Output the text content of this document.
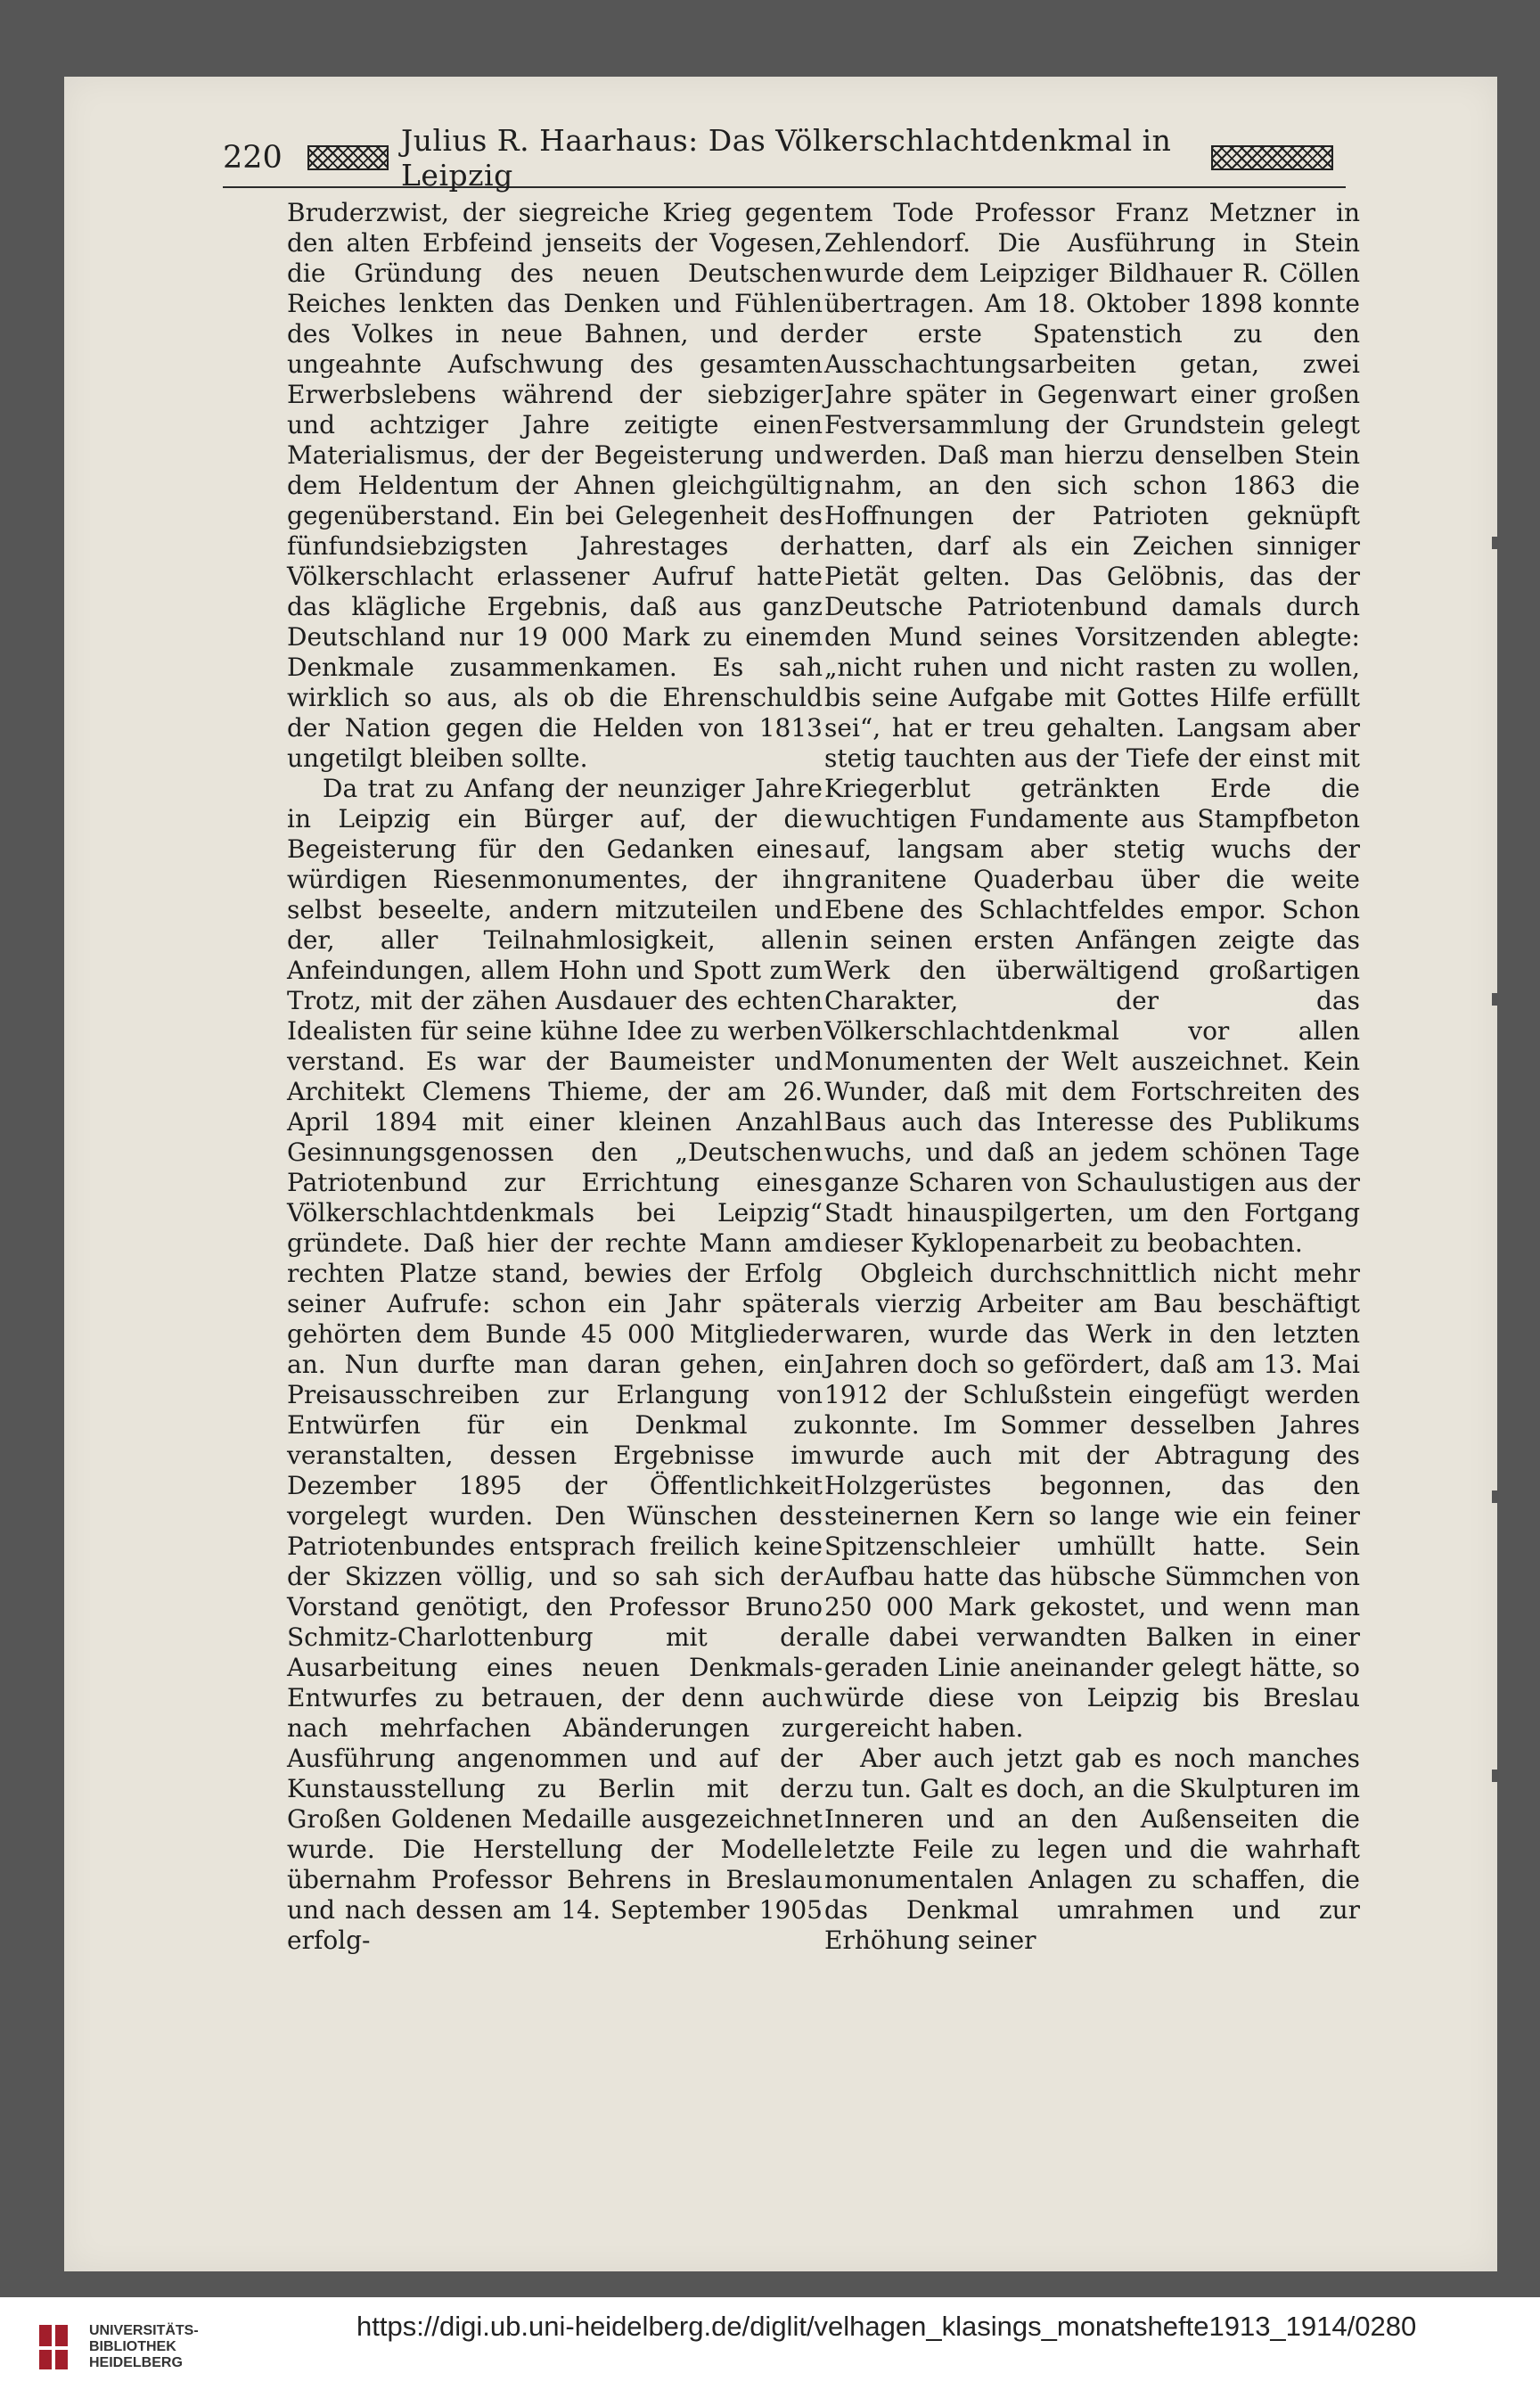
220	Julius R. Haarhaus: Das Völkerschlachtdenkmal in Leipzig

Bruderzwist, der siegreiche Krieg gegen den alten Erbfeind jenseits der Vogesen, die Gründung des neuen Deutschen Reiches lenkten das Denken und Fühlen des Volkes in neue Bahnen, und der ungeahnte Aufschwung des gesamten Erwerbslebens während der siebziger und achtziger Jahre zeitigte einen Materialismus, der der Begeisterung und dem Heldentum der Ahnen gleichgültig gegenüberstand. Ein bei Gelegenheit des fünfundsiebzigsten Jahrestages der Völkerschlacht erlassener Aufruf hatte das klägliche Ergebnis, daß aus ganz Deutschland nur 19 000 Mark zu einem Denkmale zusammenkamen. Es sah wirklich so aus, als ob die Ehrenschuld der Nation gegen die Helden von 1813 ungetilgt bleiben sollte.

Da trat zu Anfang der neunziger Jahre in Leipzig ein Bürger auf, der die Begeisterung für den Gedanken eines würdigen Riesenmonumentes, der ihn selbst beseelte, andern mitzuteilen und der, aller Teilnahmlosigkeit, allen Anfeindungen, allem Hohn und Spott zum Trotz, mit der zähen Ausdauer des echten Idealisten für seine kühne Idee zu werben verstand. Es war der Baumeister und Architekt Clemens Thieme, der am 26. April 1894 mit einer kleinen Anzahl Gesinnungsgenossen den „Deutschen Patriotenbund zur Errichtung eines Völkerschlachtdenkmals bei Leipzig“ gründete. Daß hier der rechte Mann am rechten Platze stand, bewies der Erfolg seiner Aufrufe: schon ein Jahr später gehörten dem Bunde 45 000 Mitglieder an. Nun durfte man daran gehen, ein Preisausschreiben zur Erlangung von Entwürfen für ein Denkmal zu veranstalten, dessen Ergebnisse im Dezember 1895 der Öffentlichkeit vorgelegt wurden. Den Wünschen des Patriotenbundes entsprach freilich keine der Skizzen völlig, und so sah sich der Vorstand genötigt, den Professor Bruno Schmitz-Charlottenburg mit der Ausarbeitung eines neuen Denkmals-Entwurfes zu betrauen, der denn auch nach mehrfachen Abänderungen zur Ausführung angenommen und auf der Kunstausstellung zu Berlin mit der Großen Goldenen Medaille ausgezeichnet wurde. Die Herstellung der Modelle übernahm Professor Behrens in Breslau und nach dessen am 14. September 1905 erfolg-

tem Tode Professor Franz Metzner in Zehlendorf. Die Ausführung in Stein wurde dem Leipziger Bildhauer R. Cöllen übertragen. Am 18. Oktober 1898 konnte der erste Spatenstich zu den Ausschachtungsarbeiten getan, zwei Jahre später in Gegenwart einer großen Festversammlung der Grundstein gelegt werden. Daß man hierzu denselben Stein nahm, an den sich schon 1863 die Hoffnungen der Patrioten geknüpft hatten, darf als ein Zeichen sinniger Pietät gelten. Das Gelöbnis, das der Deutsche Patriotenbund damals durch den Mund seines Vorsitzenden ablegte: „nicht ruhen und nicht rasten zu wollen, bis seine Aufgabe mit Gottes Hilfe erfüllt sei“, hat er treu gehalten. Langsam aber stetig tauchten aus der Tiefe der einst mit Kriegerblut getränkten Erde die wuchtigen Fundamente aus Stampfbeton auf, langsam aber stetig wuchs der granitene Quaderbau über die weite Ebene des Schlachtfeldes empor. Schon in seinen ersten Anfängen zeigte das Werk den überwältigend großartigen Charakter, der das Völkerschlachtdenkmal vor allen Monumenten der Welt auszeichnet. Kein Wunder, daß mit dem Fortschreiten des Baus auch das Interesse des Publikums wuchs, und daß an jedem schönen Tage ganze Scharen von Schaulustigen aus der Stadt hinauspilgerten, um den Fortgang dieser Kyklopenarbeit zu beobachten.

Obgleich durchschnittlich nicht mehr als vierzig Arbeiter am Bau beschäftigt waren, wurde das Werk in den letzten Jahren doch so gefördert, daß am 13. Mai 1912 der Schlußstein eingefügt werden konnte. Im Sommer desselben Jahres wurde auch mit der Abtragung des Holzgerüstes begonnen, das den steinernen Kern so lange wie ein feiner Spitzenschleier umhüllt hatte. Sein Aufbau hatte das hübsche Sümmchen von 250 000 Mark gekostet, und wenn man alle dabei verwandten Balken in einer geraden Linie aneinander gelegt hätte, so würde diese von Leipzig bis Breslau gereicht haben.

Aber auch jetzt gab es noch manches zu tun. Galt es doch, an die Skulpturen im Inneren und an den Außenseiten die letzte Feile zu legen und die wahrhaft monumentalen Anlagen zu schaffen, die das Denkmal umrahmen und zur Erhöhung seiner

UNIVERSITÄTS-
BIBLIOTHEK
HEIDELBERG
https://digi.ub.uni-heidelberg.de/diglit/velhagen_klasings_monatshefte1913_1914/0280
